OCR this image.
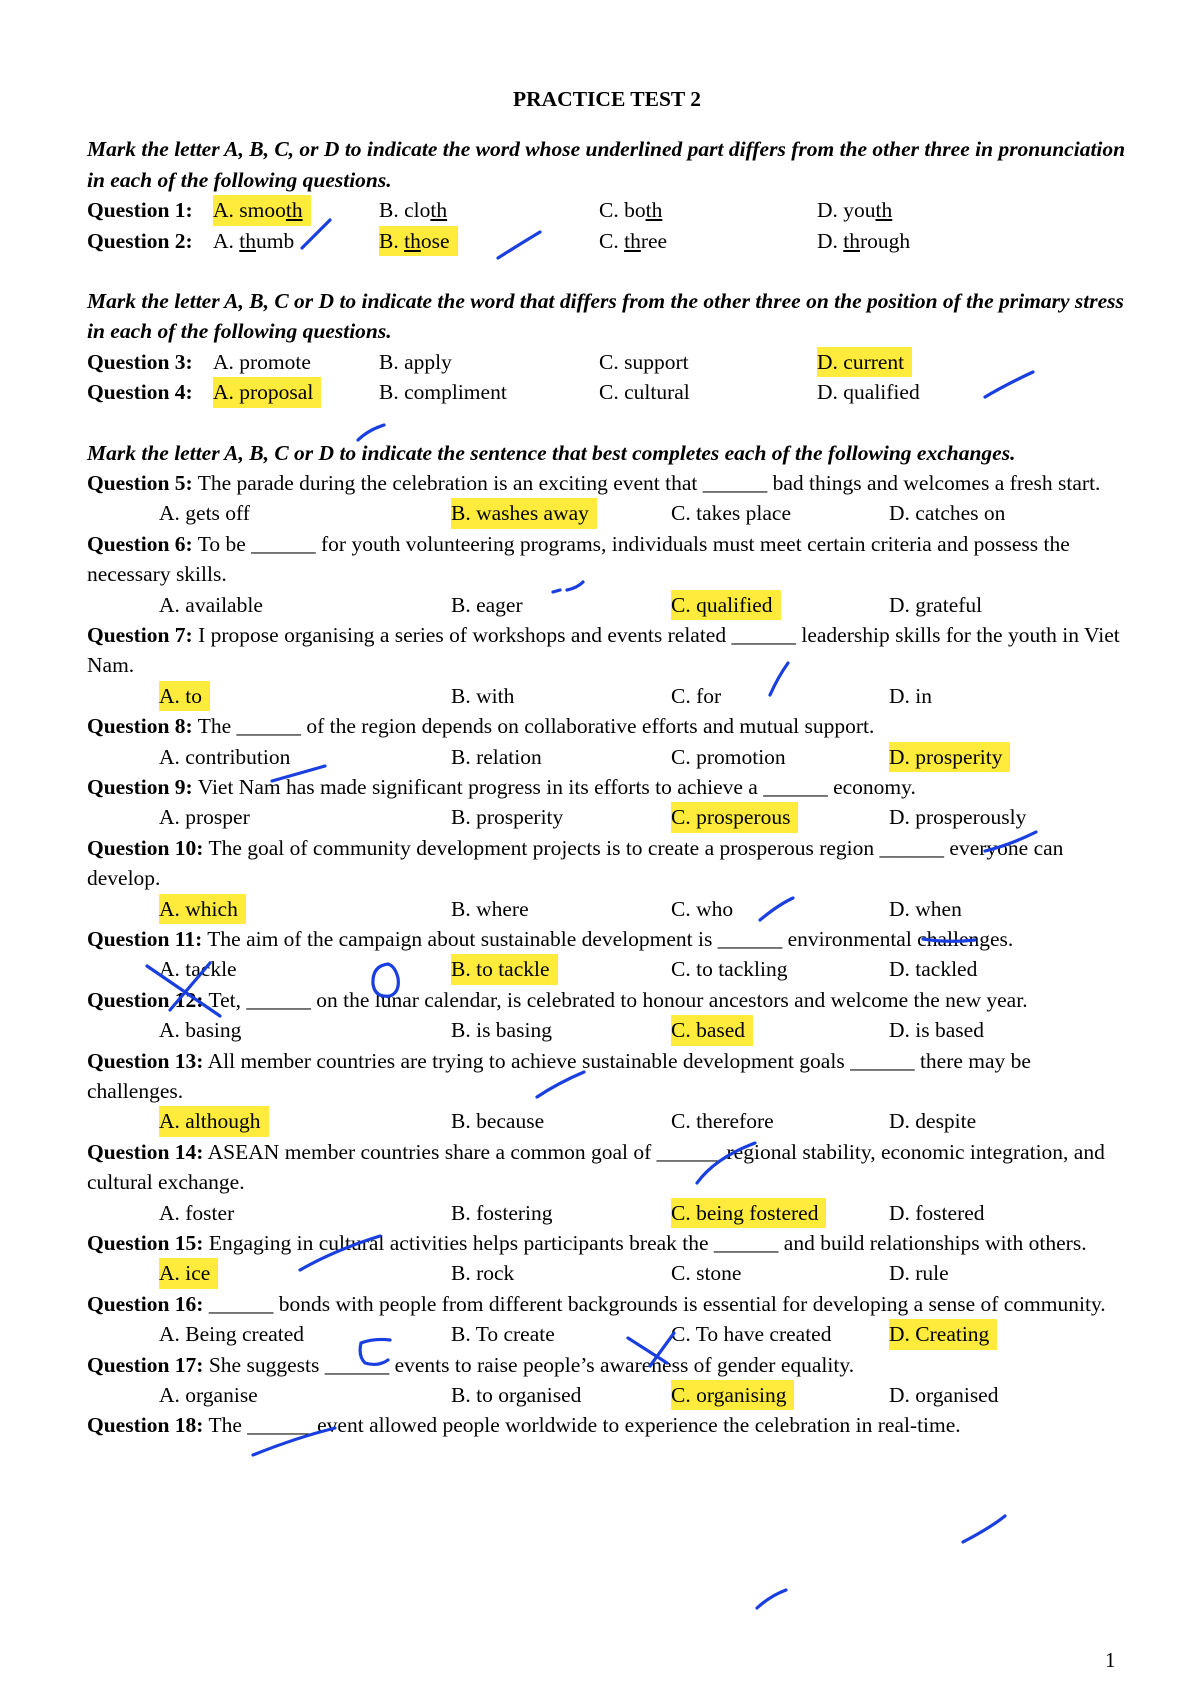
PRACTICE TEST 2
Mark the letter A, B, C, or D to indicate the word whose underlined part differs from the other three in pronunciation in each of the following questions.
Question 1: A. smooth	B. cloth	C. both	D. youth
Question 2: A. thumb	B. those	C. three	D. through
Mark the letter A, B, C or D to indicate the word that differs from the other three on the position of the primary stress in each of the following questions.
Question 3: A. promote	B. apply	C. support	D. current
Question 4: A. proposal	B. compliment	C. cultural	D. qualified
Mark the letter A, B, C or D to indicate the sentence that best completes each of the following exchanges.
Question 5: The parade during the celebration is an exciting event that ______ bad things and welcomes a fresh start.
A. gets off	B. washes away	C. takes place	D. catches on
Question 6: To be ______ for youth volunteering programs, individuals must meet certain criteria and possess the necessary skills.
A. available	B. eager	C. qualified	D. grateful
Question 7: I propose organising a series of workshops and events related ______ leadership skills for the youth in Viet Nam.
A. to	B. with	C. for	D. in
Question 8: The ______ of the region depends on collaborative efforts and mutual support.
A. contribution	B. relation	C. promotion	D. prosperity
Question 9: Viet Nam has made significant progress in its efforts to achieve a ______ economy.
A. prosper	B. prosperity	C. prosperous	D. prosperously
Question 10: The goal of community development projects is to create a prosperous region ______ everyone can develop.
A. which	B. where	C. who	D. when
Question 11: The aim of the campaign about sustainable development is ______ environmental challenges.
A. tackle	B. to tackle	C. to tackling	D. tackled
Question 12: Tet, ______ on the lunar calendar, is celebrated to honour ancestors and welcome the new year.
A. basing	B. is basing	C. based	D. is based
Question 13: All member countries are trying to achieve sustainable development goals ______ there may be challenges.
A. although	B. because	C. therefore	D. despite
Question 14: ASEAN member countries share a common goal of ______ regional stability, economic integration, and cultural exchange.
A. foster	B. fostering	C. being fostered	D. fostered
Question 15: Engaging in cultural activities helps participants break the ______ and build relationships with others.
A. ice	B. rock	C. stone	D. rule
Question 16: ______ bonds with people from different backgrounds is essential for developing a sense of community.
A. Being created	B. To create	C. To have created	D. Creating
Question 17: She suggests ______ events to raise people’s awareness of gender equality.
A. organise	B. to organised	C. organising	D. organised
Question 18: The ______ event allowed people worldwide to experience the celebration in real-time.
1
